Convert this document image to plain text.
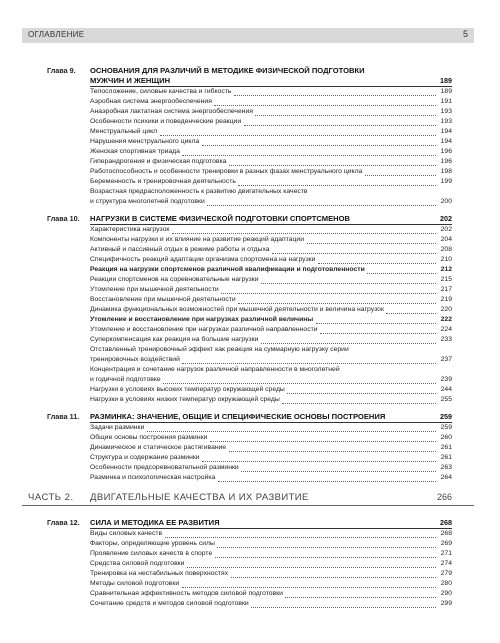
ОГЛАВЛЕНИЕ	5
Глава 9. ОСНОВАНИЯ ДЛЯ РАЗЛИЧИЙ В МЕТОДИКЕ ФИЗИЧЕСКОЙ ПОДГОТОВКИ
МУЖЧИН И ЖЕНЩИН	189
Телосложение, силовые качества и гибкость	189
Аэробная система энергообеспечения	191
Анаэробная лактатная система энергообеспечения	193
Особенности психики и поведенческие реакции	193
Менструальный цикл	194
Нарушения менструального цикла	194
Женская спортивная триада	196
Гиперандрогения и физическая подготовка	196
Работоспособность и особенности тренировки в разных фазах менструального цикла	198
Беременность и тренировочная деятельность	199
Возрастная предрасположенность к развитию двигательных качеств
и структура многолетней подготовки	200
Глава 10. НАГРУЗКИ В СИСТЕМЕ ФИЗИЧЕСКОЙ ПОДГОТОВКИ СПОРТСМЕНОВ	202
Характеристика нагрузок	202
Компоненты нагрузки и их влияние на развитие реакций адаптации	204
Активный и пассивный отдых в режиме работы и отдыха	208
Специфичность реакций адаптации организма спортсмена на нагрузки	210
Реакция на нагрузки спортсменов различной квалификации и подготовленности	212
Реакции спортсменов на соревновательные нагрузки	215
Утомление при мышечной деятельности	217
Восстановление при мышечной деятельности	219
Динамика функциональных возможностей при мышечной деятельности и величина нагрузок	220
Утомление и восстановление при нагрузках различной величины	222
Утомление и восстановление при нагрузках различной направленности	224
Суперкомпенсация как реакция на большие нагрузки	233
Отставленный тренировочный эффект как реакция на суммарную нагрузку серии
тренировочных воздействий	237
Концентрация и сочетание нагрузок различной направленности в многолетней
и годичной подготовке	239
Нагрузки в условиях высоких температур окружающей среды	244
Нагрузки в условиях низких температур окружающей среды	255
Глава 11. РАЗМИНКА: ЗНАЧЕНИЕ, ОБЩИЕ И СПЕЦИФИЧЕСКИЕ ОСНОВЫ ПОСТРОЕНИЯ	259
Задачи разминки	259
Общие основы построения разминки	260
Динамическое и статическое растягивание	261
Структура и содержание разминки	261
Особенности предсоревновательной разминки	263
Разминка и психологическая настройка	264
ЧАСТЬ 2. ДВИГАТЕЛЬНЫЕ КАЧЕСТВА И ИХ РАЗВИТИЕ	266
Глава 12. СИЛА И МЕТОДИКА ЕЕ РАЗВИТИЯ	268
Виды силовых качеств	268
Факторы, определяющие уровень силы	269
Проявление силовых качеств в спорте	271
Средства силовой подготовки	274
Тренировка на нестабильных поверхностях	279
Методы силовой подготовки	280
Сравнительная эффективность методов силовой подготовки	290
Сочетание средств и методов силовой подготовки	299
